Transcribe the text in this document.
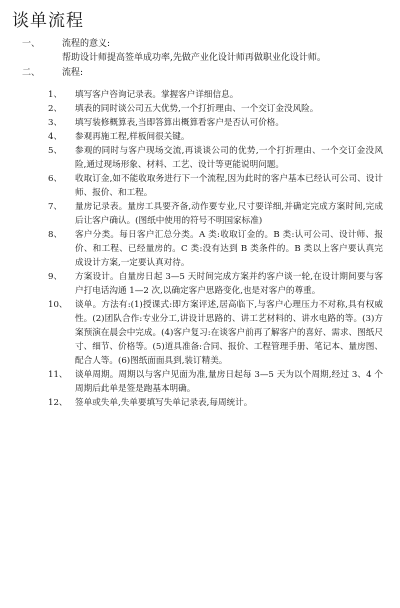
谈单流程
一、 流程的意义:
帮助设计师提高签单成功率,先做产业化设计师再做职业化设计师。
二、 流程:
1、 填写客户咨询记录表。掌握客户详细信息。
2、 填表的同时谈公司五大优势,一个打折理由、一个交订金没风险。
3、 填写装修概算表,当即答算出概算看客户是否认可价格。
4、 参观再施工程,样板间很关键。
5、 参观的同时与客户现场交流,再谈谈公司的优势,一个打折理由、一个交订金没风险,通过现场形象、材料、工艺、设计等更能说明问题。
6、 收取订金,如不能收取务进行下一个流程,因为此时的客户基本已经认可公司、设计师、报价、和工程。
7、 量房记录表。量房工具要齐备,动作要专业,尺寸要详细,并确定完成方案时间,完成后让客户确认。(图纸中使用的符号不明国家标准)
8、 客户分类。每日客户汇总分类。A 类:收取订金的。B 类:认可公司、设计师、报价、和工程、已经量房的。C 类:没有达到 B 类条件的。B 类以上客户要认真完成设计方案,一定要认真对待。
9、 方案设计。自量房日起 3—5 天时间完成方案并约客户谈一轮,在设计期间要与客户打电话沟通 1—2 次,以确定客户思路变化,也是对客户的尊重。
10、 谈单。方法有:(1)授课式:即方案评述,居高临下,与客户心理压力不对称,具有权威性。(2)团队合作:专业分工,讲设计思路的、讲工艺材料的、讲水电路的等。(3)方案预演在晨会中完成。(4)客户复习:在谈客户前再了解客户的喜好、需求、图纸尺寸、细节、价格等。(5)道具准备:合同、报价、工程管理手册、笔记本、量房图、配合人等。(6)图纸面面具到,装订精美。
11、 谈单周期。周期以与客户见面为准,量房日起每 3—5 天为以个周期,经过 3、4 个周期后此单是签是跑基本明确。
12、 签单或失单,失单要填写失单记录表,每周统计。
